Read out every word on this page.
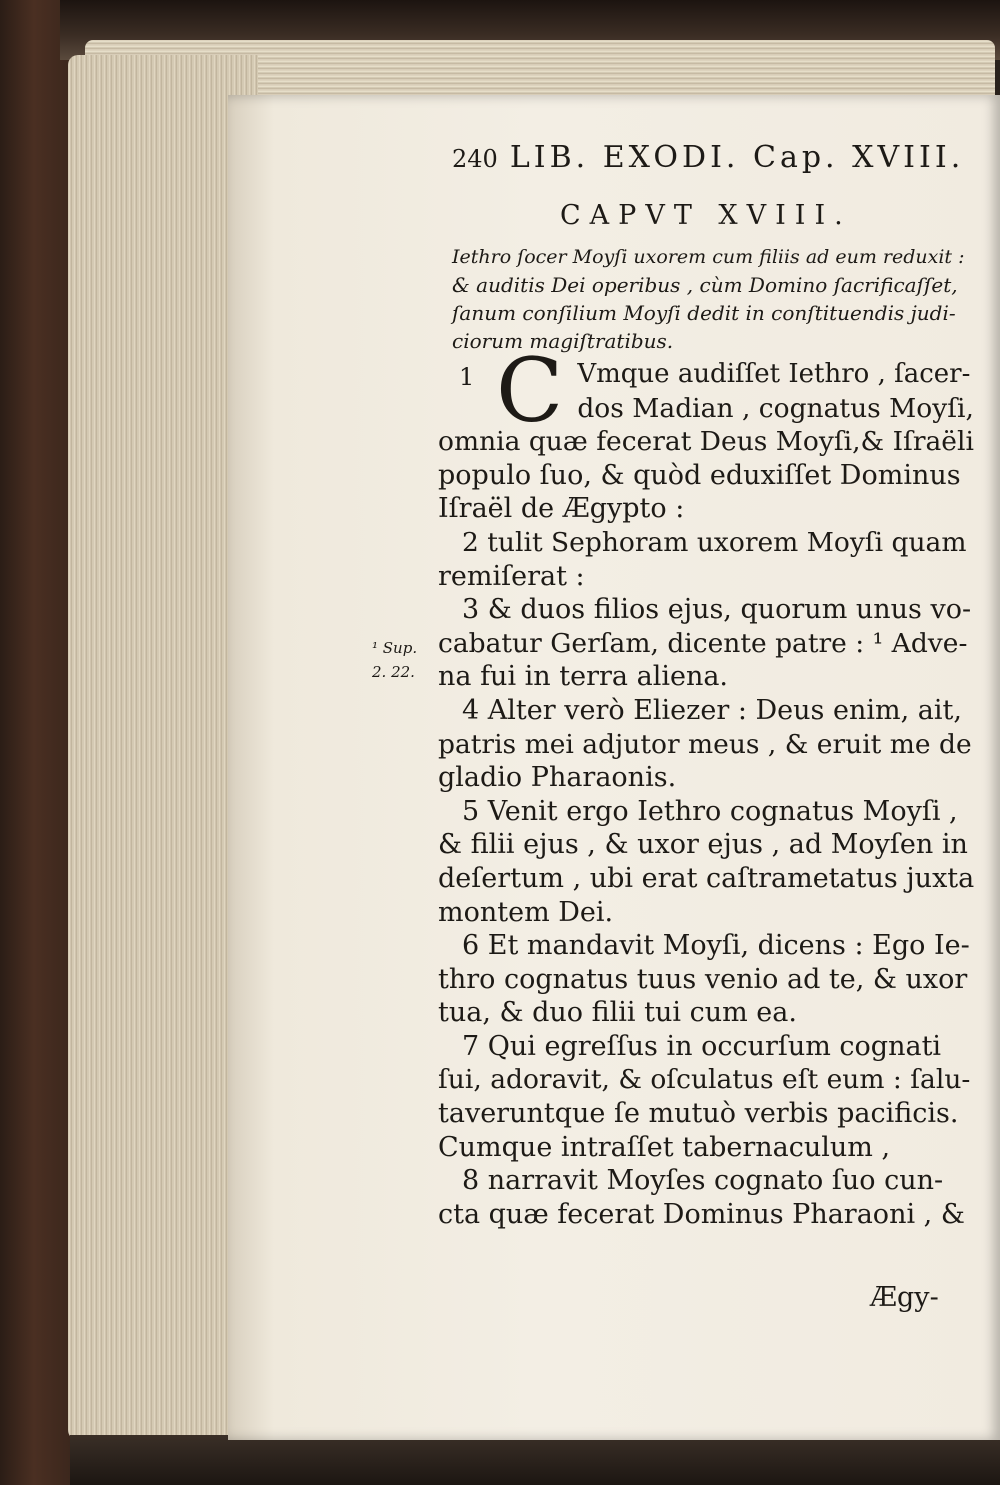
240 LIB. EXODI. Cap. XVIII.
CAPVT XVIII.
Iethro ſocer Moyſi uxorem cum filiis ad eum reduxit :
& auditis Dei operibus , cùm Domino ſacrificaſſet,
ſanum conſilium Moyſi dedit in conſtituendis judi-
ciorum magiſtratibus.
1 C Vmque audiſſet Iethro , ſacer-
dos Madian , cognatus Moyſi,
omnia quæ fecerat Deus Moyſi,& Iſraëli
populo ſuo, & quòd eduxiſſet Dominus
Iſraël de Ægypto :
2 tulit Sephoram uxorem Moyſi quam
remiſerat :
3 & duos filios ejus, quorum unus vo-
cabatur Gerſam, dicente patre : ¹ Adve-
na fui in terra aliena.
4 Alter verò Eliezer : Deus enim, ait,
patris mei adjutor meus , & eruit me de
gladio Pharaonis.
5 Venit ergo Iethro cognatus Moyſi ,
& filii ejus , & uxor ejus , ad Moyſen in
deſertum , ubi erat caſtrametatus juxta
montem Dei.
6 Et mandavit Moyſi, dicens : Ego Ie-
thro cognatus tuus venio ad te, & uxor
tua, & duo filii tui cum ea.
7 Qui egreſſus in occurſum cognati
ſui, adoravit, & oſculatus eſt eum : ſalu-
taveruntque ſe mutuò verbis pacificis.
Cumque intraſſet tabernaculum ,
8 narravit Moyſes cognato ſuo cun-
cta quæ fecerat Dominus Pharaoni , &
¹ Sup.
2. 22.
Ægy-
